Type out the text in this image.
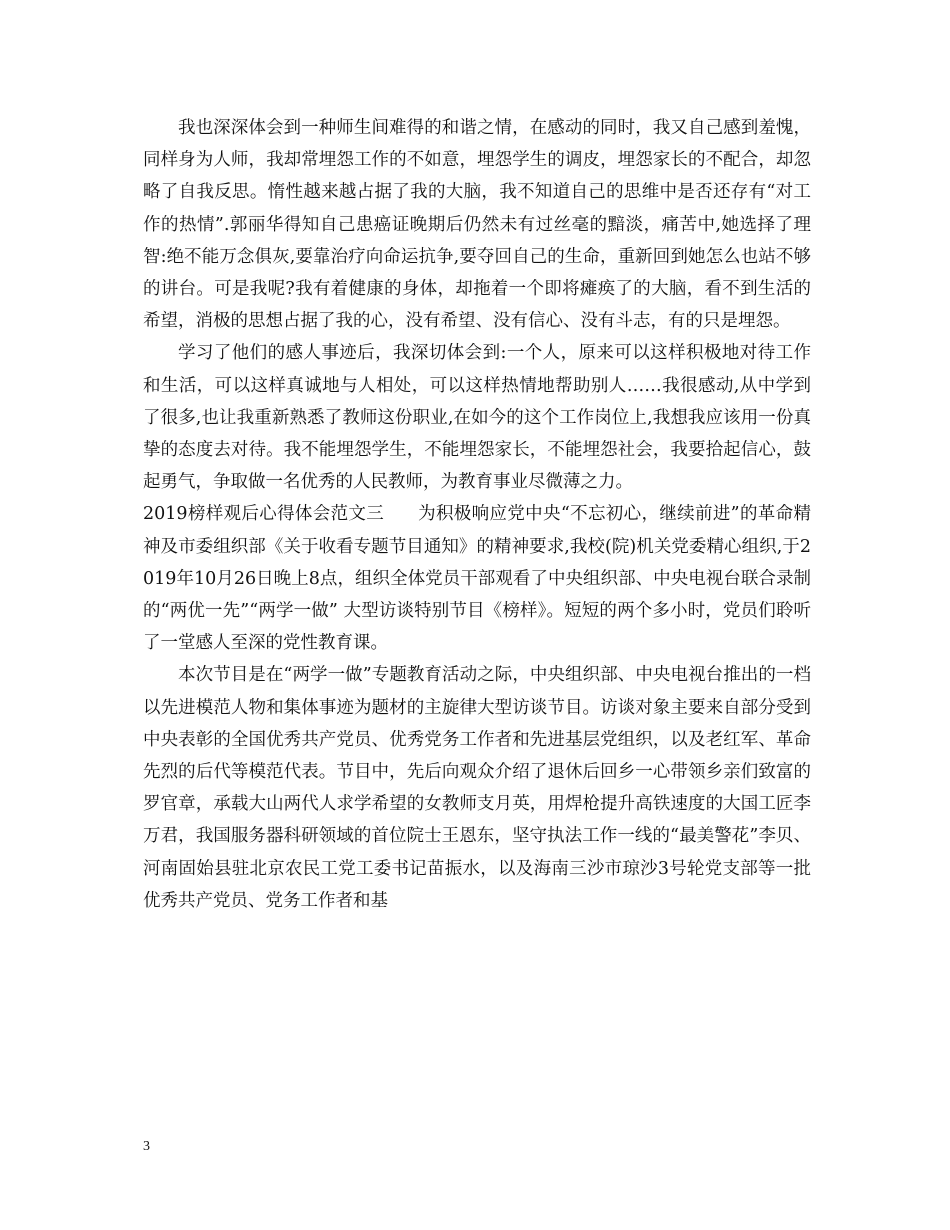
我也深深体会到一种师生间难得的和谐之情，在感动的同时，我又自己感到羞愧，同样身为人师，我却常埋怨工作的不如意，埋怨学生的调皮，埋怨家长的不配合，却忽略了自我反思。惰性越来越占据了我的大脑，我不知道自己的思维中是否还存有“对工作的热情”.郭丽华得知自己患癌证晚期后仍然未有过丝毫的黯淡，痛苦中,她选择了理智:绝不能万念俱灰,要靠治疗向命运抗争,要夺回自己的生命，重新回到她怎么也站不够的讲台。可是我呢?我有着健康的身体，却拖着一个即将瘫痪了的大脑，看不到生活的希望，消极的思想占据了我的心，没有希望、没有信心、没有斗志，有的只是埋怨。

学习了他们的感人事迹后，我深切体会到:一个人，原来可以这样积极地对待工作和生活，可以这样真诚地与人相处，可以这样热情地帮助别人……我很感动,从中学到了很多,也让我重新熟悉了教师这份职业,在如今的这个工作岗位上,我想我应该用一份真挚的态度去对待。我不能埋怨学生，不能埋怨家长，不能埋怨社会，我要拾起信心，鼓起勇气，争取做一名优秀的人民教师，为教育事业尽微薄之力。

2019榜样观后心得体会范文三 为积极响应党中央“不忘初心，继续前进”的革命精神及市委组织部《关于收看专题节目通知》的精神要求,我校(院)机关党委精心组织,于2019年10月26日晚上8点，组织全体党员干部观看了中央组织部、中央电视台联合录制的“两优一先”“两学一做” 大型访谈特别节目《榜样》。短短的两个多小时，党员们聆听了一堂感人至深的党性教育课。

本次节目是在“两学一做”专题教育活动之际，中央组织部、中央电视台推出的一档以先进模范人物和集体事迹为题材的主旋律大型访谈节目。访谈对象主要来自部分受到中央表彰的全国优秀共产党员、优秀党务工作者和先进基层党组织，以及老红军、革命先烈的后代等模范代表。节目中，先后向观众介绍了退休后回乡一心带领乡亲们致富的罗官章，承载大山两代人求学希望的女教师支月英，用焊枪提升高铁速度的大国工匠李万君，我国服务器科研领域的首位院士王恩东，坚守执法工作一线的“最美警花”李贝、河南固始县驻北京农民工党工委书记苗振水，以及海南三沙市琼沙3号轮党支部等一批优秀共产党员、党务工作者和基

3
